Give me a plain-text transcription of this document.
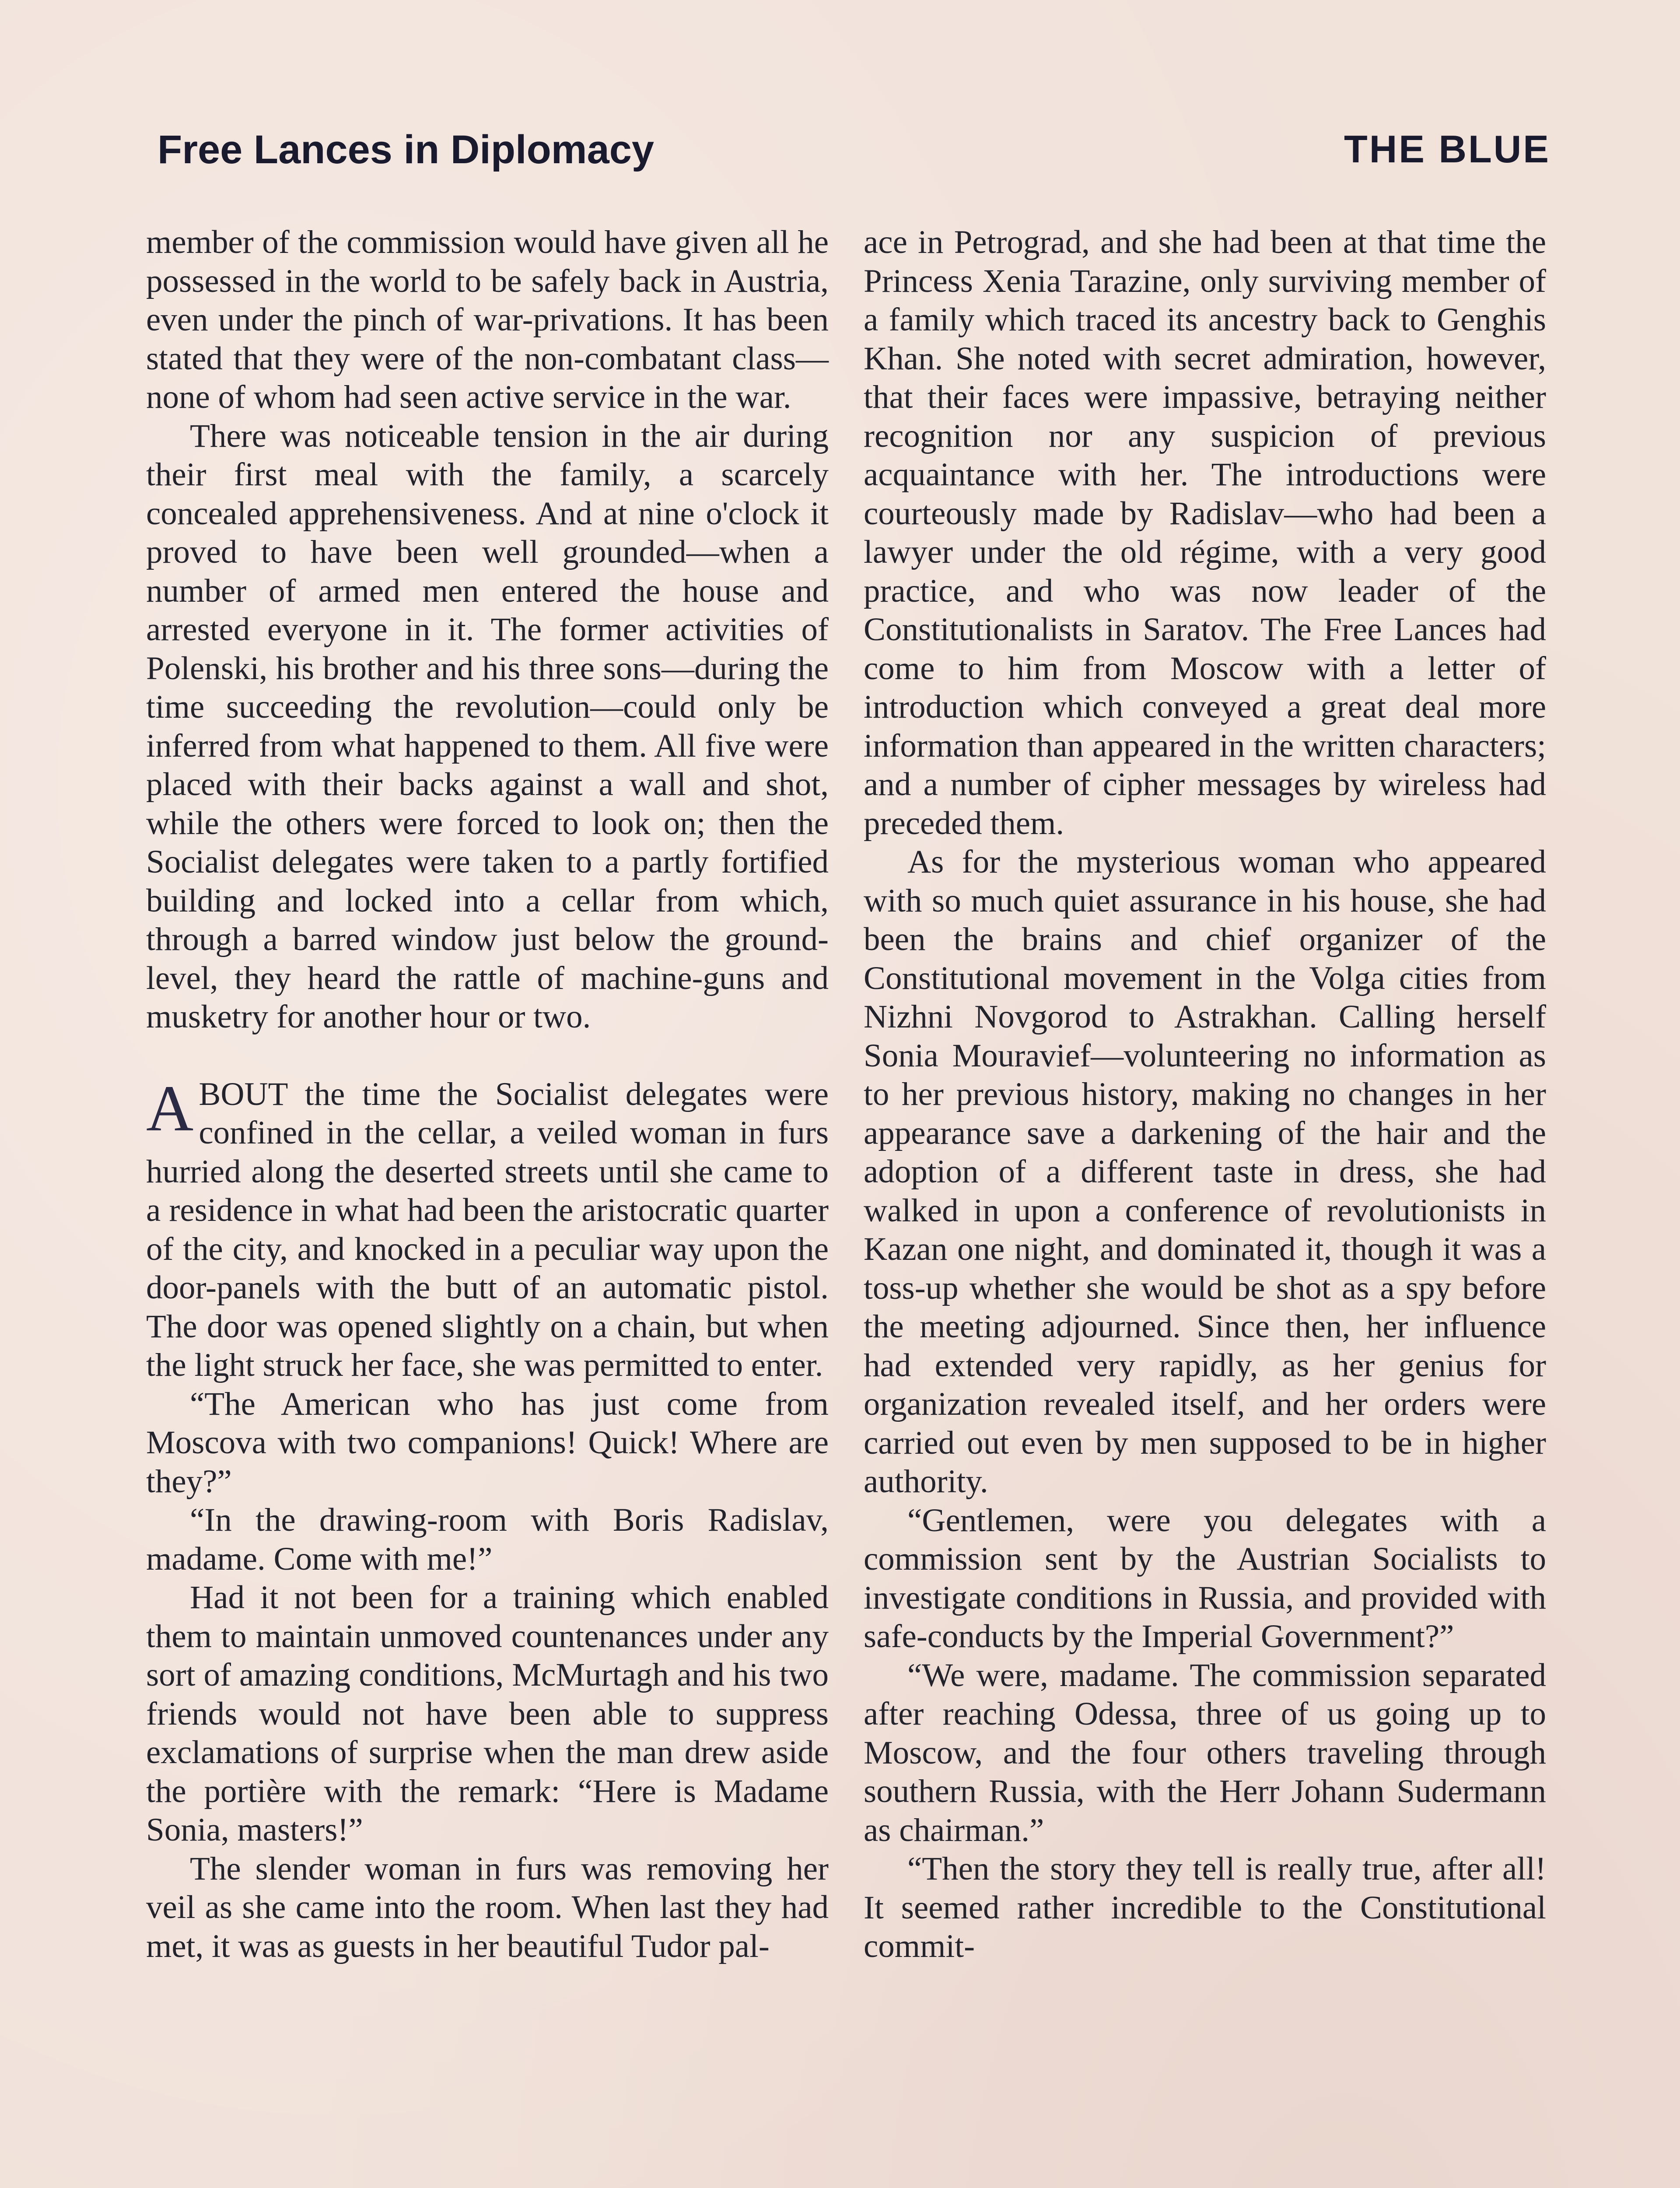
Free Lances in Diplomacy	THE BLUE

member of the commission would have given all he possessed in the world to be safely back in Austria, even under the pinch of war-privations. It has been stated that they were of the non-combatant class—none of whom had seen active service in the war.

There was noticeable tension in the air during their first meal with the family, a scarcely concealed apprehensiveness. And at nine o'clock it proved to have been well grounded—when a number of armed men entered the house and arrested everyone in it. The former activities of Polenski, his brother and his three sons—during the time succeeding the revolution—could only be inferred from what happened to them. All five were placed with their backs against a wall and shot, while the others were forced to look on; then the Socialist delegates were taken to a partly fortified building and locked into a cellar from which, through a barred window just below the ground-level, they heard the rattle of machine-guns and musketry for another hour or two.

ABOUT the time the Socialist delegates were confined in the cellar, a veiled woman in furs hurried along the deserted streets until she came to a residence in what had been the aristocratic quarter of the city, and knocked in a peculiar way upon the door-panels with the butt of an automatic pistol. The door was opened slightly on a chain, but when the light struck her face, she was permitted to enter.

“The American who has just come from Moscova with two companions! Quick! Where are they?”

“In the drawing-room with Boris Radislav, madame. Come with me!”

Had it not been for a training which enabled them to maintain unmoved countenances under any sort of amazing conditions, McMurtagh and his two friends would not have been able to suppress exclamations of surprise when the man drew aside the portière with the remark: “Here is Madame Sonia, masters!”

The slender woman in furs was removing her veil as she came into the room. When last they had met, it was as guests in her beautiful Tudor pal-

ace in Petrograd, and she had been at that time the Princess Xenia Tarazine, only surviving member of a family which traced its ancestry back to Genghis Khan. She noted with secret admiration, however, that their faces were impassive, betraying neither recognition nor any suspicion of previous acquaintance with her. The introductions were courteously made by Radislav—who had been a lawyer under the old régime, with a very good practice, and who was now leader of the Constitutionalists in Saratov. The Free Lances had come to him from Moscow with a letter of introduction which conveyed a great deal more information than appeared in the written characters; and a number of cipher messages by wireless had preceded them.

As for the mysterious woman who appeared with so much quiet assurance in his house, she had been the brains and chief organizer of the Constitutional movement in the Volga cities from Nizhni Novgorod to Astrakhan. Calling herself Sonia Mouravief—volunteering no information as to her previous history, making no changes in her appearance save a darkening of the hair and the adoption of a different taste in dress, she had walked in upon a conference of revolutionists in Kazan one night, and dominated it, though it was a toss-up whether she would be shot as a spy before the meeting adjourned. Since then, her influence had extended very rapidly, as her genius for organization revealed itself, and her orders were carried out even by men supposed to be in higher authority.

“Gentlemen, were you delegates with a commission sent by the Austrian Socialists to investigate conditions in Russia, and provided with safe-conducts by the Imperial Government?”

“We were, madame. The commission separated after reaching Odessa, three of us going up to Moscow, and the four others traveling through southern Russia, with the Herr Johann Sudermann as chairman.”

“Then the story they tell is really true, after all! It seemed rather incredible to the Constitutional commit-
